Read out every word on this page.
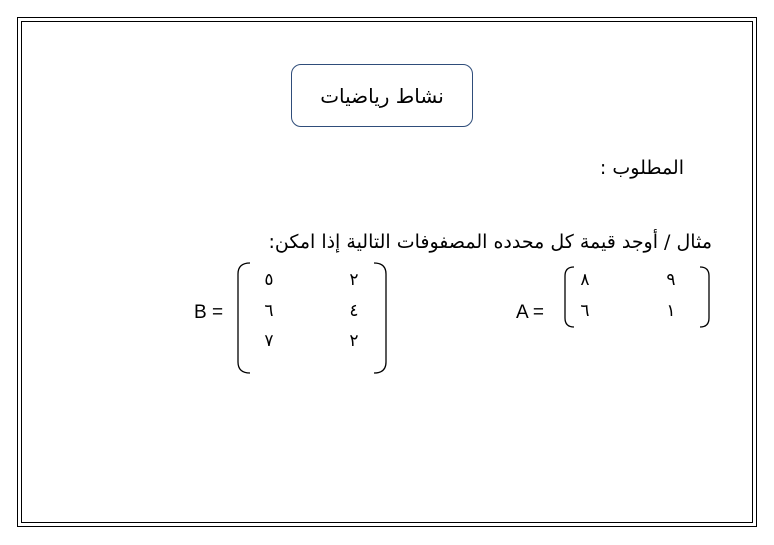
نشاط رياضيات
المطلوب :
مثال / أوجد قيمة كل محدده المصفوفات التالية إذا امكن:
A =
٨	٩
٦	١
B =
٥	٢
٦	٤
٧	٢
